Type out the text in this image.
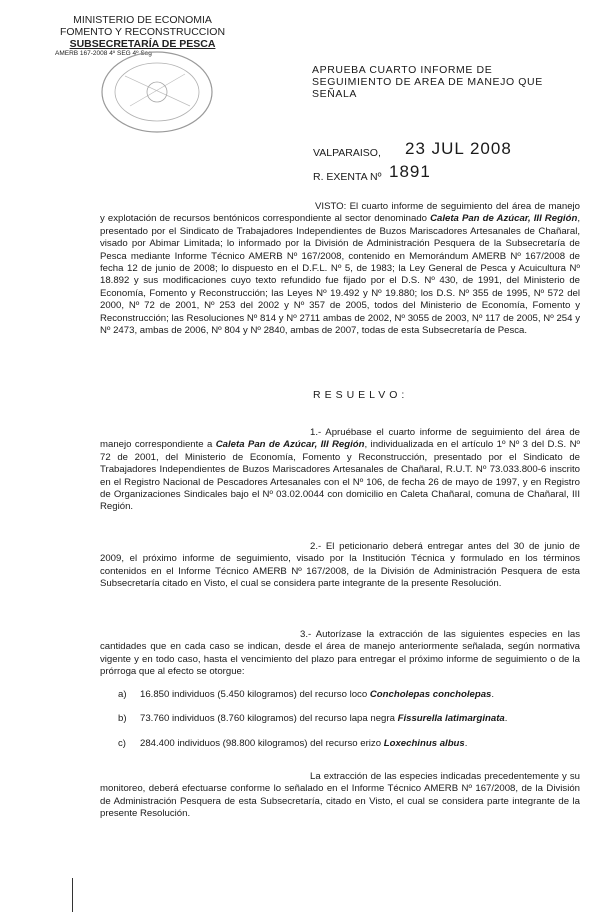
MINISTERIO DE ECONOMIA
FOMENTO Y RECONSTRUCCION
SUBSECRETARÍA DE PESCA
AMERB 167-2008 4º SEG 4º Seg
APRUEBA CUARTO INFORME DE
SEGUIMIENTO DE AREA DE MANEJO QUE
SEÑALA
VALPARAISO, 23 JUL 2008
R. EXENTA Nº 1891
VISTO: El cuarto informe de seguimiento del área de manejo y explotación de recursos bentónicos correspondiente al sector denominado Caleta Pan de Azúcar, III Región, presentado por el Sindicato de Trabajadores Independientes de Buzos Mariscadores Artesanales de Chañaral, visado por Abimar Limitada; lo informado por la División de Administración Pesquera de la Subsecretaría de Pesca mediante Informe Técnico AMERB Nº 167/2008, contenido en Memorándum AMERB Nº 167/2008 de fecha 12 de junio de 2008; lo dispuesto en el D.F.L. Nº 5, de 1983; la Ley General de Pesca y Acuicultura Nº 18.892 y sus modificaciones cuyo texto refundido fue fijado por el D.S. Nº 430, de 1991, del Ministerio de Economía, Fomento y Reconstrucción; las Leyes Nº 19.492 y Nº 19.880; los D.S. Nº 355 de 1995, Nº 572 del 2000, Nº 72 de 2001, Nº 253 del 2002 y Nº 357 de 2005, todos del Ministerio de Economía, Fomento y Reconstrucción; las Resoluciones Nº 814 y Nº 2711 ambas de 2002, Nº 3055 de 2003, Nº 117 de 2005, Nº 254 y Nº 2473, ambas de 2006, Nº 804 y Nº 2840, ambas de 2007, todas de esta Subsecretaría de Pesca.
RESUELVO:
1.- Apruébase el cuarto informe de seguimiento del área de manejo correspondiente a Caleta Pan de Azúcar, III Región, individualizada en el artículo 1º Nº 3 del D.S. Nº 72 de 2001, del Ministerio de Economía, Fomento y Reconstrucción, presentado por el Sindicato de Trabajadores Independientes de Buzos Mariscadores Artesanales de Chañaral, R.U.T. Nº 73.033.800-6 inscrito en el Registro Nacional de Pescadores Artesanales con el Nº 106, de fecha 26 de mayo de 1997, y en Registro de Organizaciones Sindicales bajo el Nº 03.02.0044 con domicilio en Caleta Chañaral, comuna de Chañaral, III Región.
2.- El peticionario deberá entregar antes del 30 de junio de 2009, el próximo informe de seguimiento, visado por la Institución Técnica y formulado en los términos contenidos en el Informe Técnico AMERB Nº 167/2008, de la División de Administración Pesquera de esta Subsecretaría citado en Visto, el cual se considera parte integrante de la presente Resolución.
3.- Autorízase la extracción de las siguientes especies en las cantidades que en cada caso se indican, desde el área de manejo anteriormente señalada, según normativa vigente y en todo caso, hasta el vencimiento del plazo para entregar el próximo informe de seguimiento o de la prórroga que al efecto se otorgue:
a) 16.850 individuos (5.450 kilogramos) del recurso loco Concholepas concholepas.
b) 73.760 individuos (8.760 kilogramos) del recurso lapa negra Fissurella latimarginata.
c) 284.400 individuos (98.800 kilogramos) del recurso erizo Loxechinus albus.
La extracción de las especies indicadas precedentemente y su monitoreo, deberá efectuarse conforme lo señalado en el Informe Técnico AMERB Nº 167/2008, de la División de Administración Pesquera de esta Subsecretaría, citado en Visto, el cual se considera parte integrante de la presente Resolución.
